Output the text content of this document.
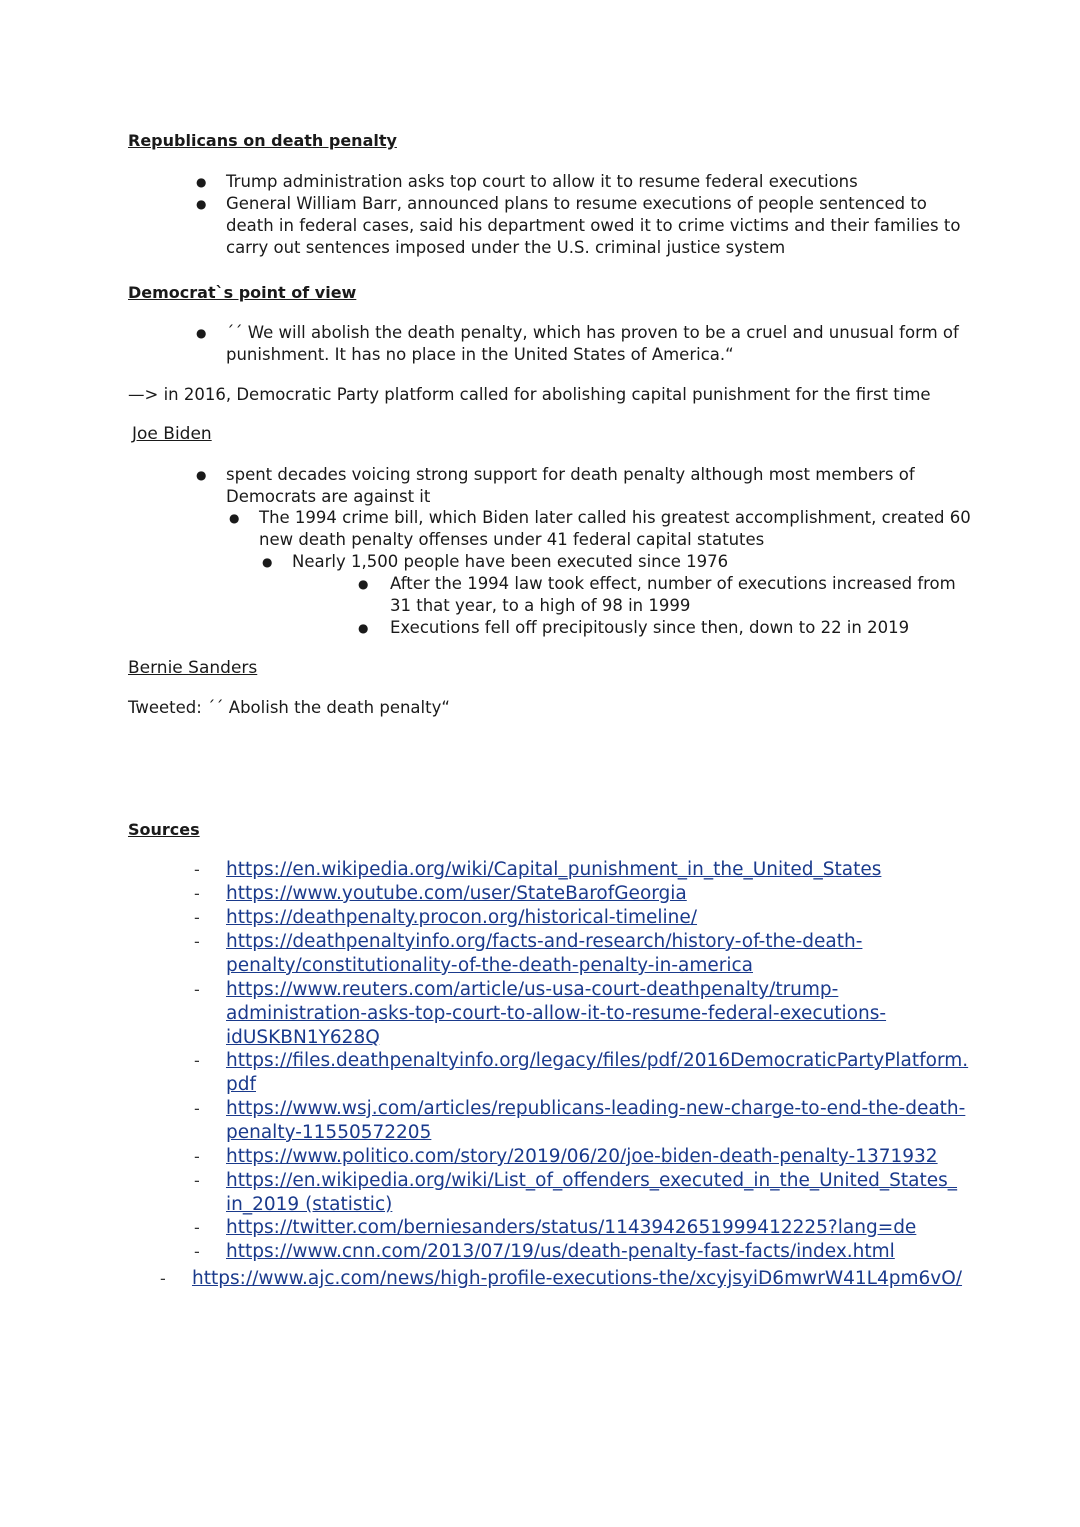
Republicans on death penalty
● Trump administration asks top court to allow it to resume federal executions
● General William Barr, announced plans to resume executions of people sentenced to
death in federal cases, said his department owed it to crime victims and their families to
carry out sentences imposed under the U.S. criminal justice system
Democrat`s point of view
● ´´ We will abolish the death penalty, which has proven to be a cruel and unusual form of
punishment. It has no place in the United States of America.“
—> in 2016, Democratic Party platform called for abolishing capital punishment for the first time
Joe Biden
● spent decades voicing strong support for death penalty although most members of
Democrats are against it
● The 1994 crime bill, which Biden later called his greatest accomplishment, created 60
new death penalty offenses under 41 federal capital statutes
● Nearly 1,500 people have been executed since 1976
● After the 1994 law took effect, number of executions increased from
31 that year, to a high of 98 in 1999
● Executions fell off precipitously since then, down to 22 in 2019
Bernie Sanders
Tweeted: ´´ Abolish the death penalty“
Sources
- https://en.wikipedia.org/wiki/Capital_punishment_in_the_United_States
- https://www.youtube.com/user/StateBarofGeorgia
- https://deathpenalty.procon.org/historical-timeline/
- https://deathpenaltyinfo.org/facts-and-research/history-of-the-death-
penalty/constitutionality-of-the-death-penalty-in-america
- https://www.reuters.com/article/us-usa-court-deathpenalty/trump-
administration-asks-top-court-to-allow-it-to-resume-federal-executions-
idUSKBN1Y628Q
- https://files.deathpenaltyinfo.org/legacy/files/pdf/2016DemocraticPartyPlatform.
pdf
- https://www.wsj.com/articles/republicans-leading-new-charge-to-end-the-death-
penalty-11550572205
- https://www.politico.com/story/2019/06/20/joe-biden-death-penalty-1371932
- https://en.wikipedia.org/wiki/List_of_offenders_executed_in_the_United_States_
in_2019 (statistic)
- https://twitter.com/berniesanders/status/1143942651999412225?lang=de
- https://www.cnn.com/2013/07/19/us/death-penalty-fast-facts/index.html
- https://www.ajc.com/news/high-profile-executions-the/xcyjsyiD6mwrW41L4pm6vO/
